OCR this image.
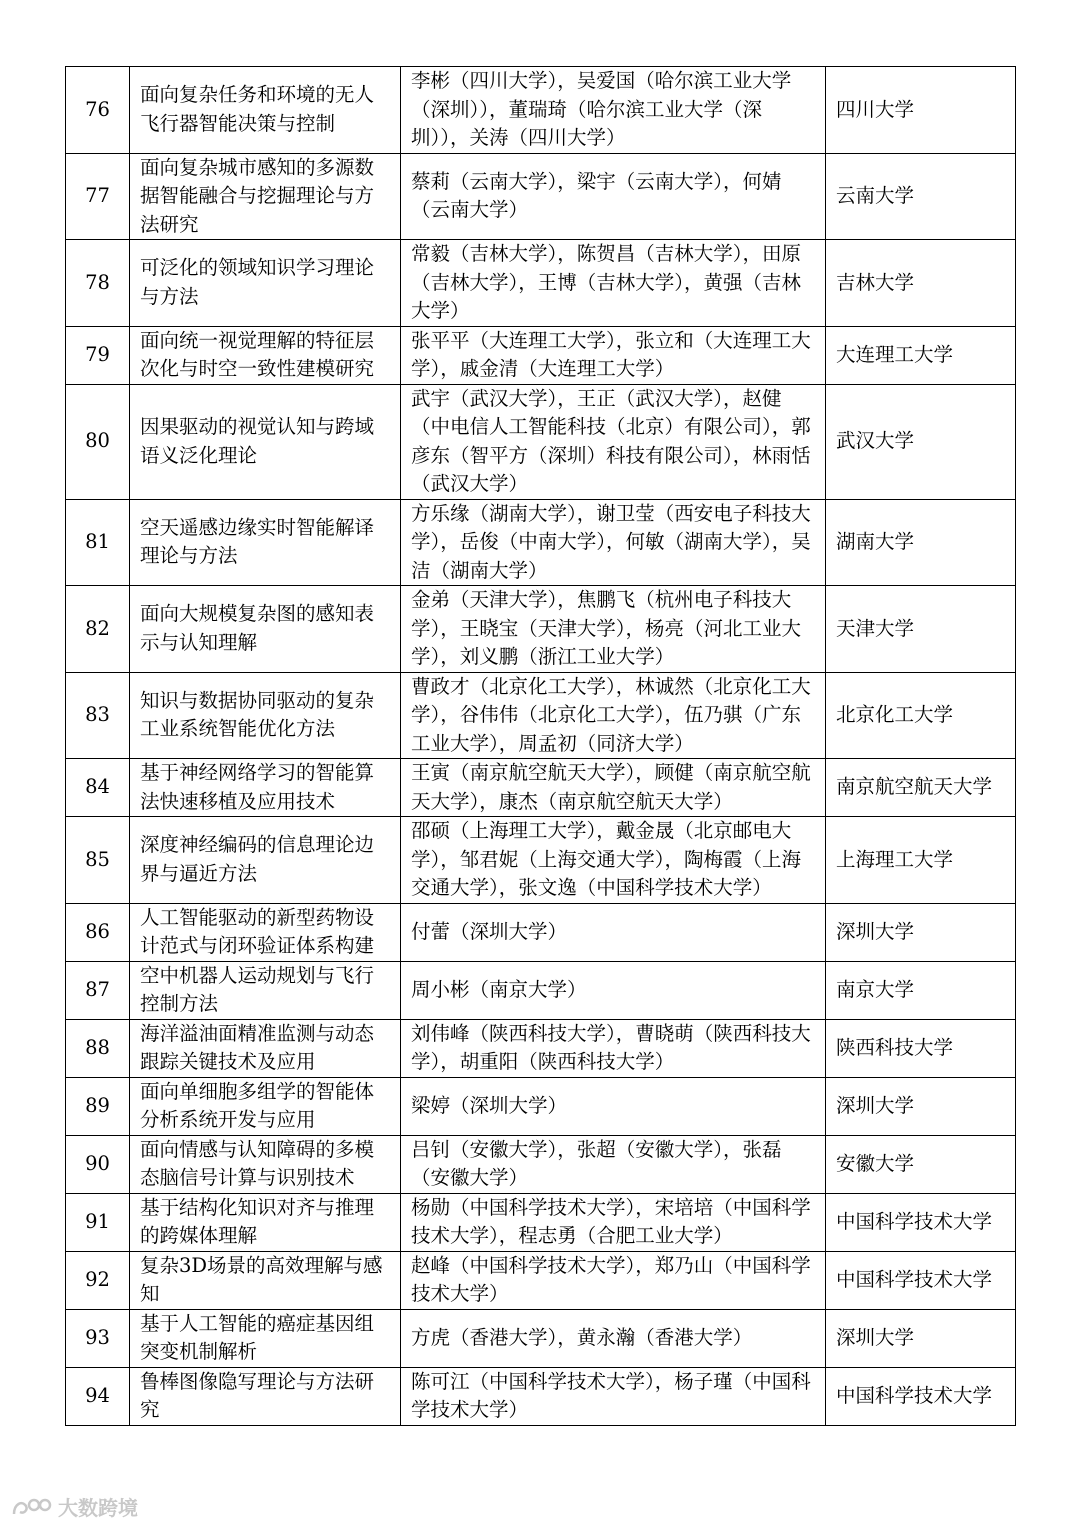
76	面向复杂任务和环境的无人飞行器智能决策与控制	李彬（四川大学），吴爱国（哈尔滨工业大学（深圳）），董瑞琦（哈尔滨工业大学（深圳）），关涛（四川大学）	四川大学
77	面向复杂城市感知的多源数据智能融合与挖掘理论与方法研究	蔡莉（云南大学），梁宇（云南大学），何婧（云南大学）	云南大学
78	可泛化的领域知识学习理论与方法	常毅（吉林大学），陈贺昌（吉林大学），田原（吉林大学），王博（吉林大学），黄强（吉林大学）	吉林大学
79	面向统一视觉理解的特征层次化与时空一致性建模研究	张平平（大连理工大学），张立和（大连理工大学），戚金清（大连理工大学）	大连理工大学
80	因果驱动的视觉认知与跨域语义泛化理论	武宇（武汉大学），王正（武汉大学），赵健（中电信人工智能科技（北京）有限公司），郭彦东（智平方（深圳）科技有限公司），林雨恬（武汉大学）	武汉大学
81	空天遥感边缘实时智能解译理论与方法	方乐缘（湖南大学），谢卫莹（西安电子科技大学），岳俊（中南大学），何敏（湖南大学），吴洁（湖南大学）	湖南大学
82	面向大规模复杂图的感知表示与认知理解	金弟（天津大学），焦鹏飞（杭州电子科技大学），王晓宝（天津大学），杨亮（河北工业大学），刘义鹏（浙江工业大学）	天津大学
83	知识与数据协同驱动的复杂工业系统智能优化方法	曹政才（北京化工大学），林诚然（北京化工大学），谷伟伟（北京化工大学），伍乃骐（广东工业大学），周孟初（同济大学）	北京化工大学
84	基于神经网络学习的智能算法快速移植及应用技术	王寅（南京航空航天大学），顾健（南京航空航天大学），康杰（南京航空航天大学）	南京航空航天大学
85	深度神经编码的信息理论边界与逼近方法	邵硕（上海理工大学），戴金晟（北京邮电大学），邹君妮（上海交通大学），陶梅霞（上海交通大学），张文逸（中国科学技术大学）	上海理工大学
86	人工智能驱动的新型药物设计范式与闭环验证体系构建	付蕾（深圳大学）	深圳大学
87	空中机器人运动规划与飞行控制方法	周小彬（南京大学）	南京大学
88	海洋溢油面精准监测与动态跟踪关键技术及应用	刘伟峰（陕西科技大学），曹晓萌（陕西科技大学），胡重阳（陕西科技大学）	陕西科技大学
89	面向单细胞多组学的智能体分析系统开发与应用	梁婷（深圳大学）	深圳大学
90	面向情感与认知障碍的多模态脑信号计算与识别技术	吕钊（安徽大学），张超（安徽大学），张磊（安徽大学）	安徽大学
91	基于结构化知识对齐与推理的跨媒体理解	杨勋（中国科学技术大学），宋培培（中国科学技术大学），程志勇（合肥工业大学）	中国科学技术大学
92	复杂3D场景的高效理解与感知	赵峰（中国科学技术大学），郑乃山（中国科学技术大学）	中国科学技术大学
93	基于人工智能的癌症基因组突变机制解析	方虎（香港大学），黄永瀚（香港大学）	深圳大学
94	鲁棒图像隐写理论与方法研究	陈可江（中国科学技术大学），杨子瑾（中国科学技术大学）	中国科学技术大学
大数跨境
